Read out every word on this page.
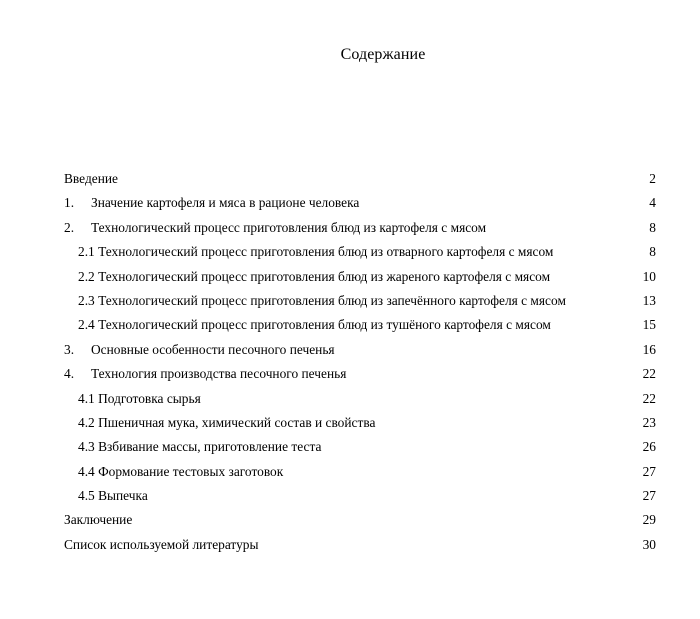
Содержание
Введение	2
1.	Значение картофеля и мяса в рационе человека	4
2.	Технологический процесс приготовления блюд из картофеля с мясом	8
2.1 Технологический процесс приготовления блюд из отварного картофеля с мясом	8
2.2 Технологический процесс приготовления блюд из жареного картофеля с мясом	10
2.3 Технологический процесс приготовления блюд из запечённого картофеля с мясом	13
2.4 Технологический процесс приготовления блюд из тушёного картофеля с мясом	15
3.	Основные особенности песочного печенья	16
4.	Технология производства песочного печенья	22
4.1 Подготовка сырья	22
4.2 Пшеничная мука, химический состав и свойства	23
4.3 Взбивание массы, приготовление теста	26
4.4 Формование тестовых заготовок	27
4.5 Выпечка	27
Заключение	29
Список используемой литературы	30
